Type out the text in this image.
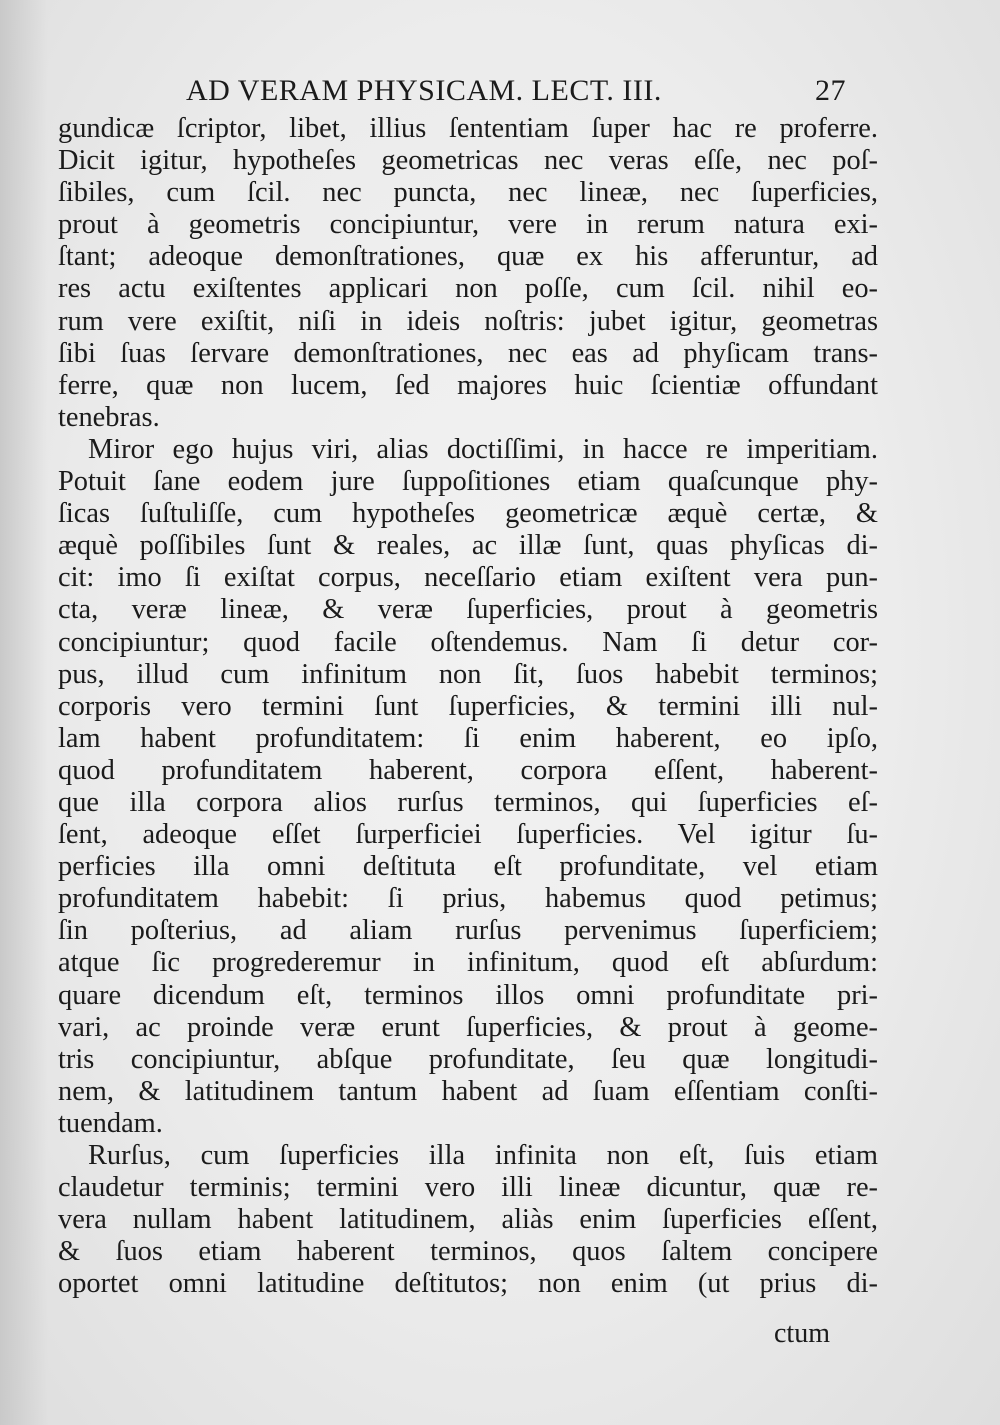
AD VERAM PHYSICAM. LECT. III.	27
gundicæ ſcriptor, libet, illius ſententiam ſuper hac re proferre.
Dicit igitur, hypotheſes geometricas nec veras eſſe, nec poſ-
ſibiles, cum ſcil. nec puncta, nec lineæ, nec ſuperficies,
prout à geometris concipiuntur, vere in rerum natura exi-
ſtant; adeoque demonſtrationes, quæ ex his afferuntur, ad
res actu exiſtentes applicari non poſſe, cum ſcil. nihil eo-
rum vere exiſtit, niſi in ideis noſtris: jubet igitur, geometras
ſibi ſuas ſervare demonſtrationes, nec eas ad phyſicam trans-
ferre, quæ non lucem, ſed majores huic ſcientiæ offundant
tenebras.
Miror ego hujus viri, alias doctiſſimi, in hacce re imperitiam.
Potuit ſane eodem jure ſuppoſitiones etiam quaſcunque phy-
ſicas ſuſtuliſſe, cum hypotheſes geometricæ æquè certæ, &
æquè poſſibiles ſunt & reales, ac illæ ſunt, quas phyſicas di-
cit: imo ſi exiſtat corpus, neceſſario etiam exiſtent vera pun-
cta, veræ lineæ, & veræ ſuperficies, prout à geometris
concipiuntur; quod facile oſtendemus. Nam ſi detur cor-
pus, illud cum infinitum non ſit, ſuos habebit terminos;
corporis vero termini ſunt ſuperficies, & termini illi nul-
lam habent profunditatem: ſi enim haberent, eo ipſo,
quod profunditatem haberent, corpora eſſent, haberent-
que illa corpora alios rurſus terminos, qui ſuperficies eſ-
ſent, adeoque eſſet ſurperficiei ſuperficies. Vel igitur ſu-
perficies illa omni deſtituta eſt profunditate, vel etiam
profunditatem habebit: ſi prius, habemus quod petimus;
ſin poſterius, ad aliam rurſus pervenimus ſuperficiem;
atque ſic progrederemur in infinitum, quod eſt abſurdum:
quare dicendum eſt, terminos illos omni profunditate pri-
vari, ac proinde veræ erunt ſuperficies, & prout à geome-
tris concipiuntur, abſque profunditate, ſeu quæ longitudi-
nem, & latitudinem tantum habent ad ſuam eſſentiam conſti-
tuendam.
Rurſus, cum ſuperficies illa infinita non eſt, ſuis etiam
claudetur terminis; termini vero illi lineæ dicuntur, quæ re-
vera nullam habent latitudinem, aliàs enim ſuperficies eſſent,
& ſuos etiam haberent terminos, quos ſaltem concipere
oportet omni latitudine deſtitutos; non enim (ut prius di-
ctum
